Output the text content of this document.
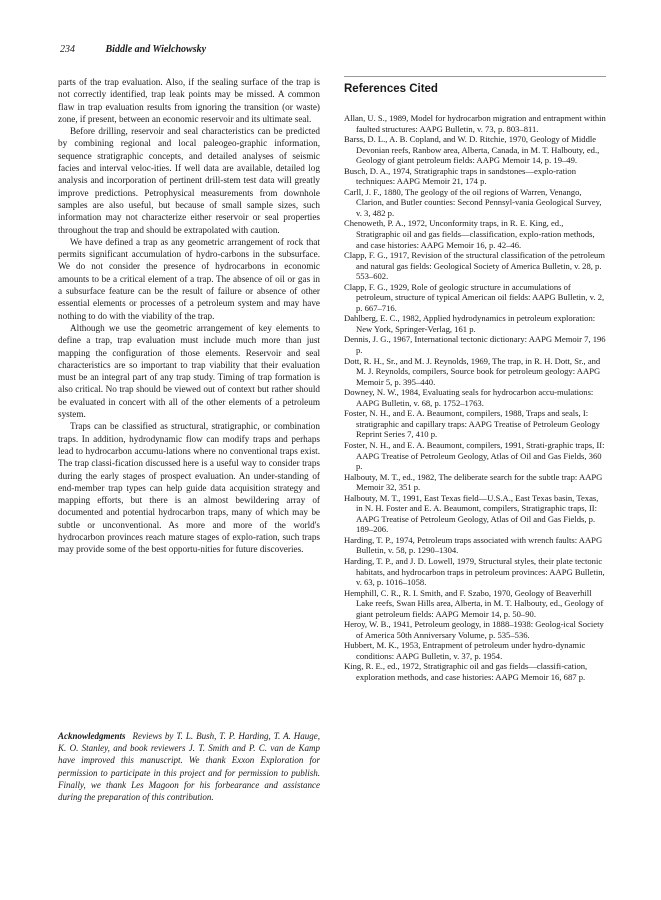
234	Biddle and Wielchowsky

parts of the trap evaluation. Also, if the sealing surface of the trap is not correctly identified, trap leak points may be missed. A common flaw in trap evaluation results from ignoring the transition (or waste) zone, if present, between an economic reservoir and its ultimate seal.

Before drilling, reservoir and seal characteristics can be predicted by combining regional and local paleogeo-graphic information, sequence stratigraphic concepts, and detailed analyses of seismic facies and interval veloc-ities. If well data are available, detailed log analysis and incorporation of pertinent drill-stem test data will greatly improve predictions. Petrophysical measurements from downhole samples are also useful, but because of small sample sizes, such information may not characterize either reservoir or seal properties throughout the trap and should be extrapolated with caution.

We have defined a trap as any geometric arrangement of rock that permits significant accumulation of hydro-carbons in the subsurface. We do not consider the presence of hydrocarbons in economic amounts to be a critical element of a trap. The absence of oil or gas in a subsurface feature can be the result of failure or absence of other essential elements or processes of a petroleum system and may have nothing to do with the viability of the trap.

Although we use the geometric arrangement of key elements to define a trap, trap evaluation must include much more than just mapping the configuration of those elements. Reservoir and seal characteristics are so important to trap viability that their evaluation must be an integral part of any trap study. Timing of trap formation is also critical. No trap should be viewed out of context but rather should be evaluated in concert with all of the other elements of a petroleum system.

Traps can be classified as structural, stratigraphic, or combination traps. In addition, hydrodynamic flow can modify traps and perhaps lead to hydrocarbon accumu-lations where no conventional traps exist. The trap classi-fication discussed here is a useful way to consider traps during the early stages of prospect evaluation. An under-standing of end-member trap types can help guide data acquisition strategy and mapping efforts, but there is an almost bewildering array of documented and potential hydrocarbon traps, many of which may be subtle or unconventional. As more and more of the world's hydrocarbon provinces reach mature stages of explo-ration, such traps may provide some of the best opportu-nities for future discoveries.

Acknowledgments Reviews by T. L. Bush, T. P. Harding, T. A. Hauge, K. O. Stanley, and book reviewers J. T. Smith and P. C. van de Kamp have improved this manuscript. We thank Exxon Exploration for permission to participate in this project and for permission to publish. Finally, we thank Les Magoon for his forbearance and assistance during the preparation of this contribution.
References Cited

Allan, U. S., 1989, Model for hydrocarbon migration and entrapment within faulted structures: AAPG Bulletin, v. 73, p. 803–811.

Barss, D. L., A. B. Copland, and W. D. Ritchie, 1970, Geology of Middle Devonian reefs, Ranbow area, Alberta, Canada, in M. T. Halbouty, ed., Geology of giant petroleum fields: AAPG Memoir 14, p. 19–49.

Busch, D. A., 1974, Stratigraphic traps in sandstones—explo-ration techniques: AAPG Memoir 21, 174 p.

Carll, J. F., 1880, The geology of the oil regions of Warren, Venango, Clarion, and Butler counties: Second Pennsyl-vania Geological Survey, v. 3, 482 p.

Chenoweth, P. A., 1972, Unconformity traps, in R. E. King, ed., Stratigraphic oil and gas fields—classification, explo-ration methods, and case histories: AAPG Memoir 16, p. 42–46.

Clapp, F. G., 1917, Revision of the structural classification of the petroleum and natural gas fields: Geological Society of America Bulletin, v. 28, p. 553–602.

Clapp, F. G., 1929, Role of geologic structure in accumulations of petroleum, structure of typical American oil fields: AAPG Bulletin, v. 2, p. 667–716.

Dahlberg, E. C., 1982, Applied hydrodynamics in petroleum exploration: New York, Springer-Verlag, 161 p.

Dennis, J. G., 1967, International tectonic dictionary: AAPG Memoir 7, 196 p.

Dott, R. H., Sr., and M. J. Reynolds, 1969, The trap, in R. H. Dott, Sr., and M. J. Reynolds, compilers, Source book for petroleum geology: AAPG Memoir 5, p. 395–440.

Downey, N. W., 1984, Evaluating seals for hydrocarbon accu-mulations: AAPG Bulletin, v. 68, p. 1752–1763.

Foster, N. H., and E. A. Beaumont, compilers, 1988, Traps and seals, I: stratigraphic and capillary traps: AAPG Treatise of Petroleum Geology Reprint Series 7, 410 p.

Foster, N. H., and E. A. Beaumont, compilers, 1991, Strati-graphic traps, II: AAPG Treatise of Petroleum Geology, Atlas of Oil and Gas Fields, 360 p.

Halbouty, M. T., ed., 1982, The deliberate search for the subtle trap: AAPG Memoir 32, 351 p.

Halbouty, M. T., 1991, East Texas field—U.S.A., East Texas basin, Texas, in N. H. Foster and E. A. Beaumont, compilers, Stratigraphic traps, II: AAPG Treatise of Petroleum Geology, Atlas of Oil and Gas Fields, p. 189–206.

Harding, T. P., 1974, Petroleum traps associated with wrench faults: AAPG Bulletin, v. 58, p. 1290–1304.

Harding, T. P., and J. D. Lowell, 1979, Structural styles, their plate tectonic habitats, and hydrocarbon traps in petroleum provinces: AAPG Bulletin, v. 63, p. 1016–1058.

Hemphill, C. R., R. I. Smith, and F. Szabo, 1970, Geology of Beaverhill Lake reefs, Swan Hills area, Alberta, in M. T. Halbouty, ed., Geology of giant petroleum fields: AAPG Memoir 14, p. 50–90.

Heroy, W. B., 1941, Petroleum geology, in 1888–1938: Geolog-ical Society of America 50th Anniversary Volume, p. 535–536.

Hubbert, M. K., 1953, Entrapment of petroleum under hydro-dynamic conditions: AAPG Bulletin, v. 37, p. 1954.

King, R. E., ed., 1972, Stratigraphic oil and gas fields—classifi-cation, exploration methods, and case histories: AAPG Memoir 16, 687 p.
